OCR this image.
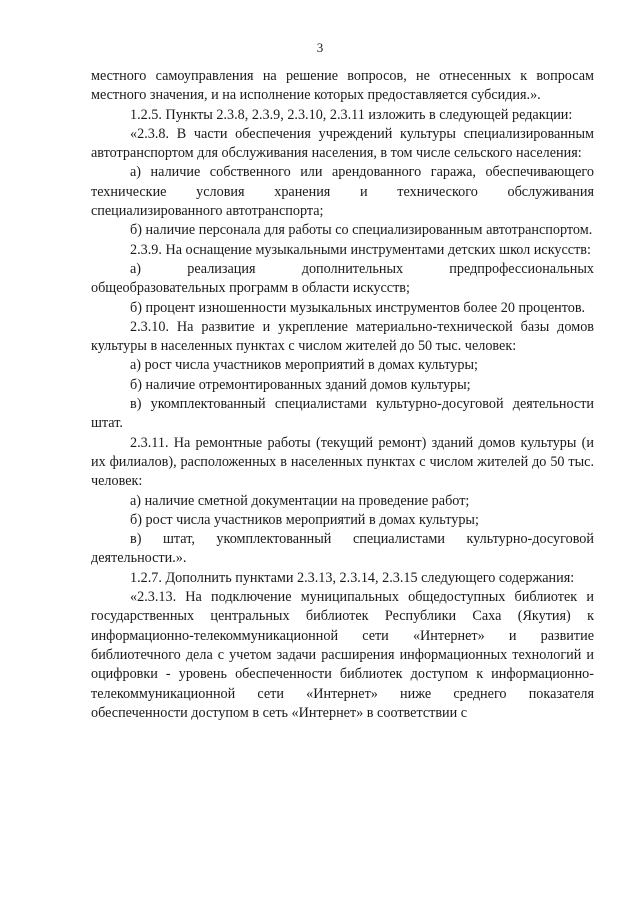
3

местного самоуправления на решение вопросов, не отнесенных к вопросам местного значения, и на исполнение которых предоставляется субсидия.».

1.2.5. Пункты 2.3.8, 2.3.9, 2.3.10, 2.3.11 изложить в следующей редакции:

«2.3.8. В части обеспечения учреждений культуры специализированным автотранспортом для обслуживания населения, в том числе сельского населения:

а) наличие собственного или арендованного гаража, обеспечивающего технические условия хранения и технического обслуживания специализированного автотранспорта;

б) наличие персонала для работы со специализированным автотранспортом.

2.3.9. На оснащение музыкальными инструментами детских школ искусств:

а) реализация дополнительных предпрофессиональных общеобразовательных программ в области искусств;

б) процент изношенности музыкальных инструментов более 20 процентов.

2.3.10. На развитие и укрепление материально-технической базы домов культуры в населенных пунктах с числом жителей до 50 тыс. человек:

а) рост числа участников мероприятий в домах культуры;

б) наличие отремонтированных зданий домов культуры;

в) укомплектованный специалистами культурно-досуговой деятельности штат.

2.3.11. На ремонтные работы (текущий ремонт) зданий домов культуры (и их филиалов), расположенных в населенных пунктах с числом жителей до 50 тыс. человек:

а) наличие сметной документации на проведение работ;

б) рост числа участников мероприятий в домах культуры;

в) штат, укомплектованный специалистами культурно-досуговой деятельности.».

1.2.7. Дополнить пунктами 2.3.13, 2.3.14, 2.3.15 следующего содержания:

«2.3.13. На подключение муниципальных общедоступных библиотек и государственных центральных библиотек Республики Саха (Якутия) к информационно-телекоммуникационной сети «Интернет» и развитие библиотечного дела с учетом задачи расширения информационных технологий и оцифровки - уровень обеспеченности библиотек доступом к информационно-телекоммуникационной сети «Интернет» ниже среднего показателя обеспеченности доступом в сеть «Интернет» в соответствии с
